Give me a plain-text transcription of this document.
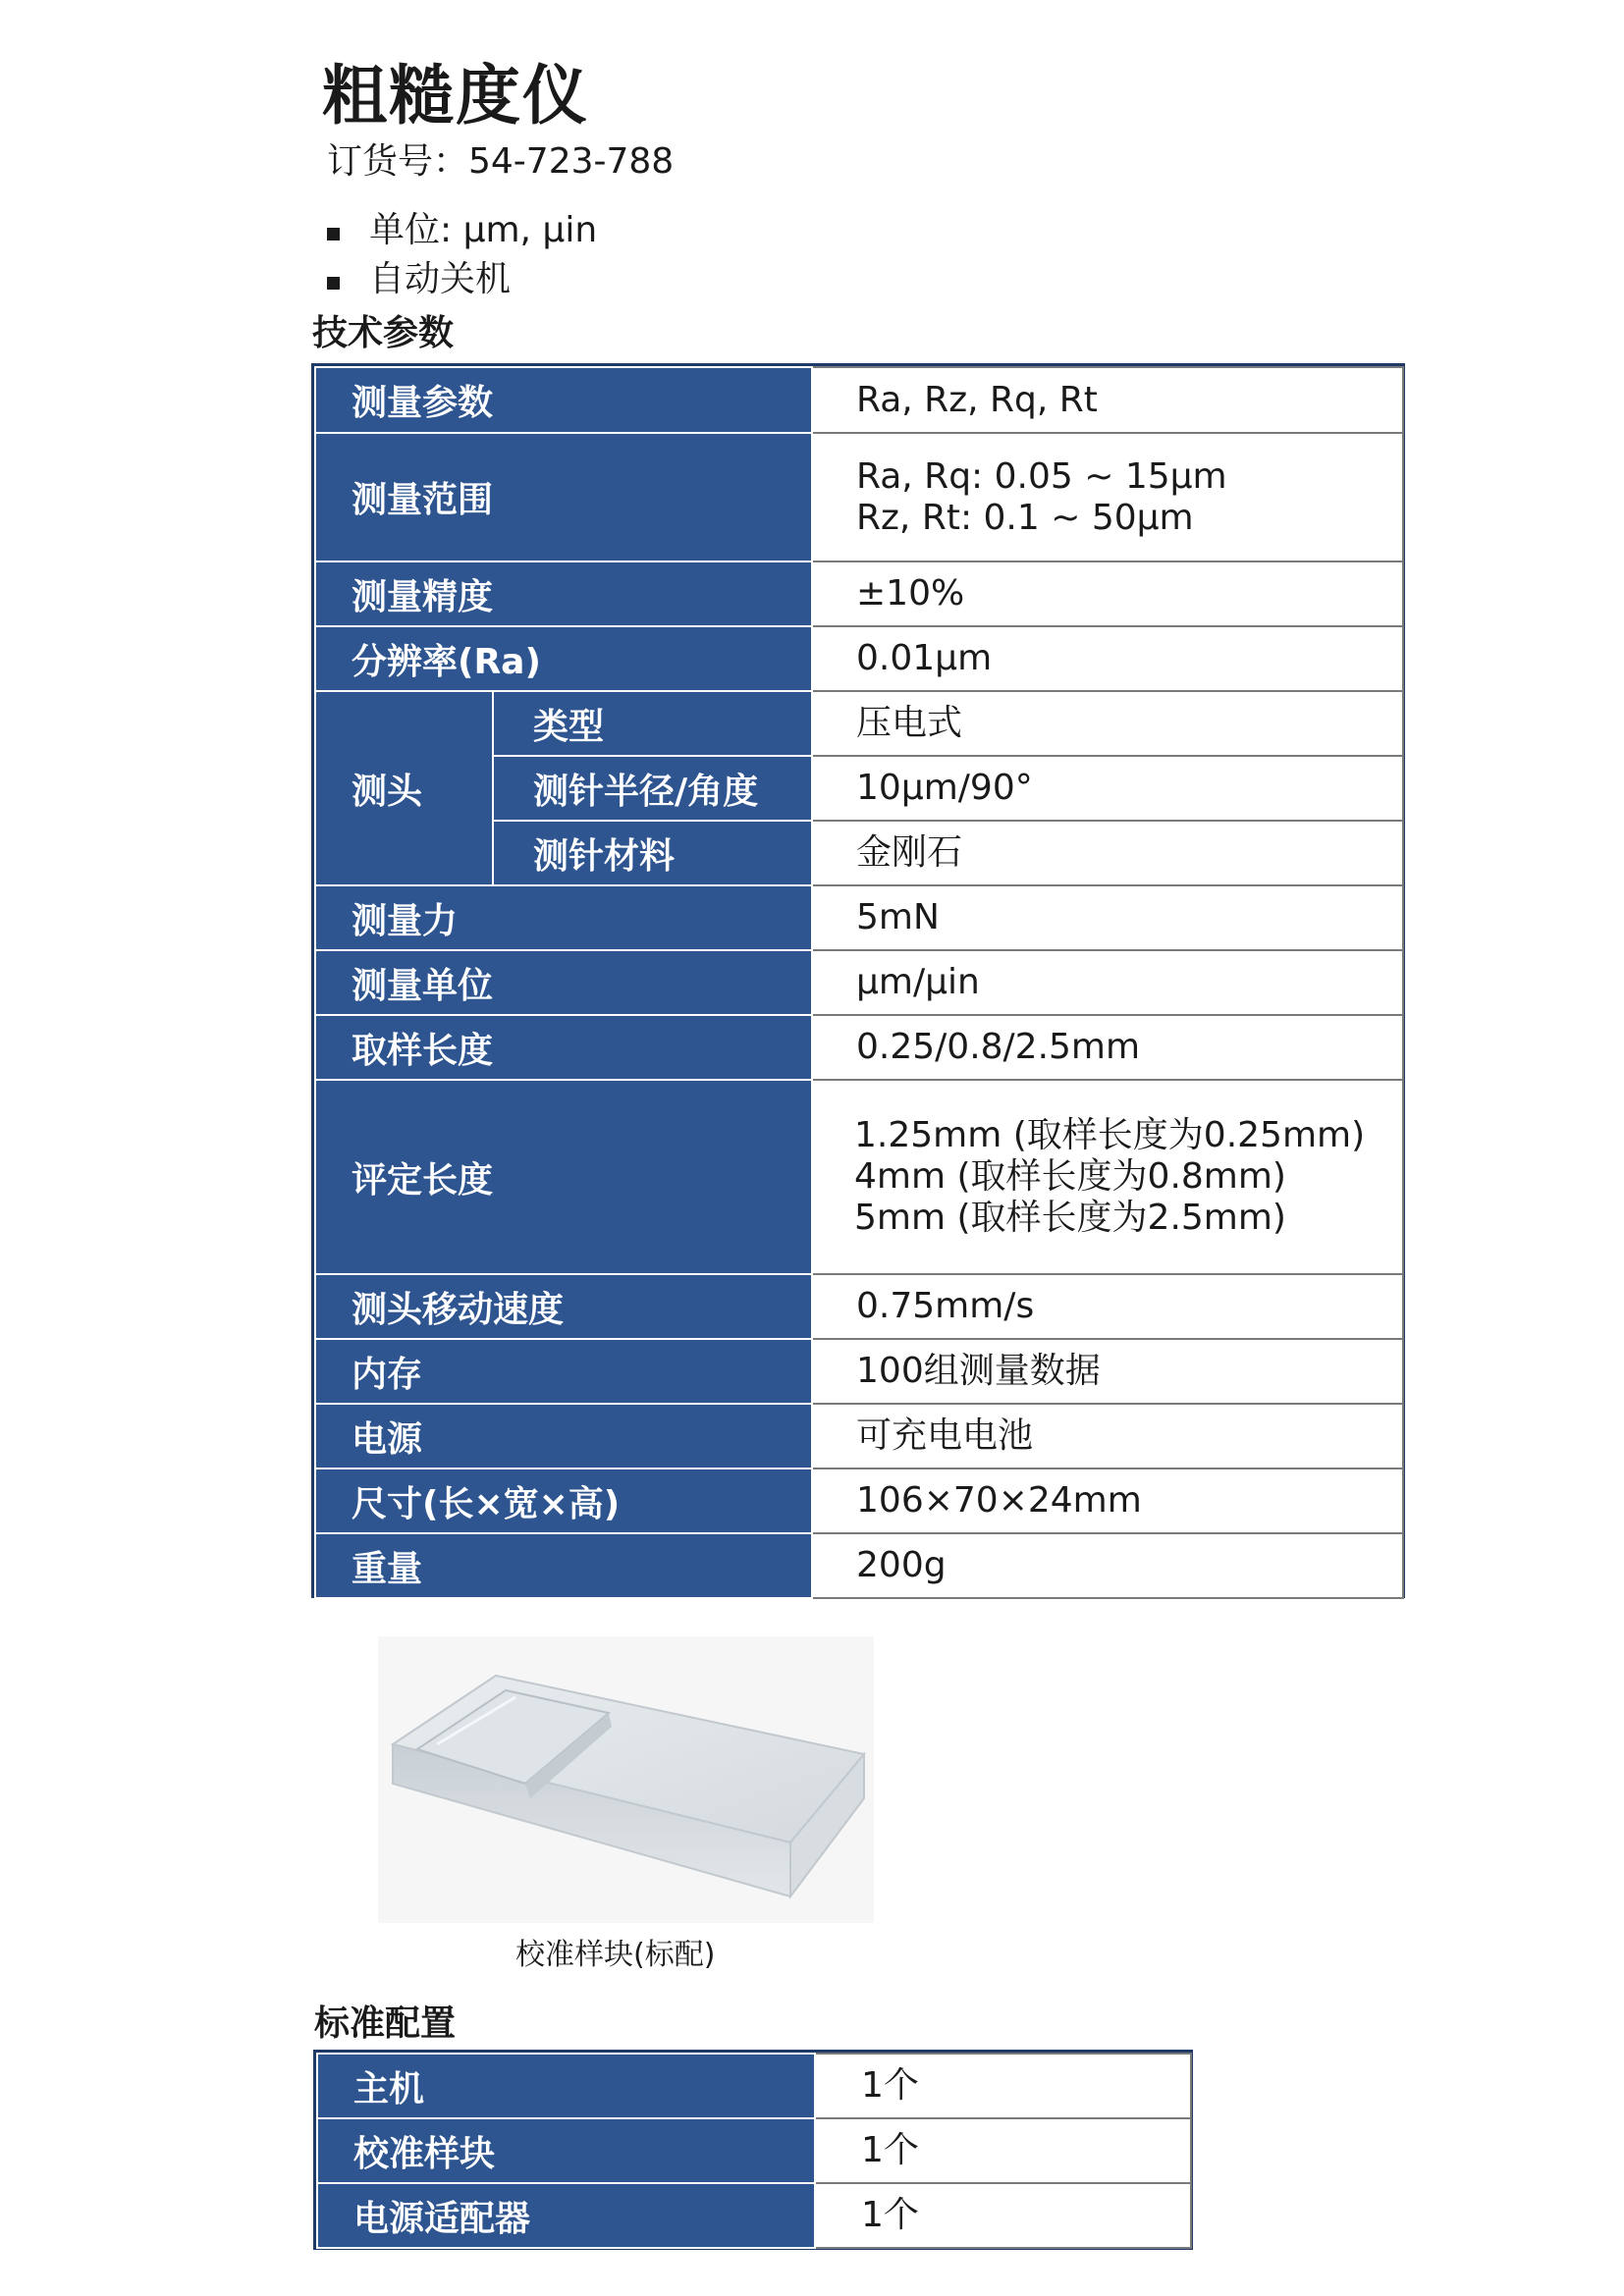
粗糙度仪
订货号：54-723-788
单位: μm, μin
自动关机
技术参数
测量参数		Ra, Rz, Rq, Rt
测量范围		Ra, Rq: 0.05 ~ 15μm
Rz, Rt: 0.1 ~ 50μm

测量精度		±10%
分辨率(Ra)		0.01μm
测头	类型	压电式
	测针半径/角度	10μm/90°
	测针材料	金刚石
测量力		5mN
测量单位		μm/μin
取样长度		0.25/0.8/2.5mm
评定长度		1.25mm (取样长度为0.25mm)
4mm (取样长度为0.8mm)
5mm (取样长度为2.5mm)

测头移动速度		0.75mm/s
内存		100组测量数据
电源		可充电电池
尺寸(长×宽×高)		106×70×24mm
重量		200g
校准样块(标配)
标准配置
主机	1个
校准样块	1个
电源适配器	1个
